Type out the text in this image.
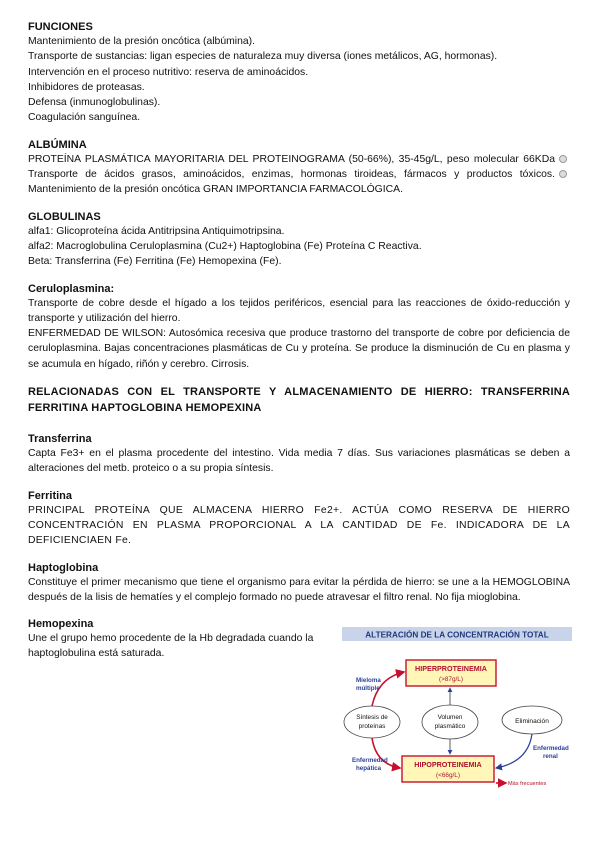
FUNCIONES

Mantenimiento de la presión oncótica (albúmina).

Transporte de sustancias: ligan especies de naturaleza muy diversa (iones metálicos, AG, hormonas).

Intervención en el proceso nutritivo: reserva de aminoácidos.

Inhibidores de proteasas.

Defensa (inmunoglobulinas).

Coagulación sanguínea.

ALBÚMINA

PROTEÍNA PLASMÁTICA MAYORITARIA DEL PROTEINOGRAMA (50-66%), 35-45g/L, peso molecular 66KDaTransporte de ácidos grasos, aminoácidos, enzimas, hormonas tiroideas, fármacos y productos tóxicos.Mantenimiento de la presión oncótica GRAN IMPORTANCIA FARMACOLÓGICA.

GLOBULINAS

alfa1: Glicoproteína ácida Antitripsina Antiquimotripsina.

alfa2: Macroglobulina Ceruloplasmina (Cu2+) Haptoglobina (Fe) Proteína C Reactiva.

Beta: Transferrina (Fe) Ferritina (Fe) Hemopexina (Fe).

Ceruloplasmina:

Transporte de cobre desde el hígado a los tejidos periféricos, esencial para las reacciones de óxido-reducción y transporte y utilización del hierro.

ENFERMEDAD DE WILSON: Autosómica recesiva que produce trastorno del transporte de cobre por deficiencia de ceruloplasmina. Bajas concentraciones plasmáticas de Cu y proteína. Se produce la disminución de Cu en plasma y se acumula en hígado, riñón y cerebro. Cirrosis.

RELACIONADAS CON EL TRANSPORTE Y ALMACENAMIENTO DE HIERRO: TRANSFERRINA FERRITINA HAPTOGLOBINA HEMOPEXINA
Transferrina

Capta Fe3+ en el plasma procedente del intestino. Vida media 7 días. Sus variaciones plasmáticas se deben a alteraciones del metb. proteico o a su propia síntesis.

Ferritina

PRINCIPAL PROTEÍNA QUE ALMACENA HIERRO Fe2+. ACTÚA COMO RESERVA DE HIERRO CONCENTRACIÓN EN PLASMA PROPORCIONAL A LA CANTIDAD DE Fe. INDICADORA DE LA DEFICIENCIAEN Fe.

Haptoglobina

Constituye el primer mecanismo que tiene el organismo para evitar la pérdida de hierro: se une a la HEMOGLOBINA después de la lisis de hematíes y el complejo formado no puede atravesar el filtro renal. No fija mioglobina.

Hemopexina

Une el grupo hemo procedente de la Hb degradada cuando la haptoglobulina está saturada.

ALTERACIÓN DE LA CONCENTRACIÓN TOTAL
HIPERPROTEINEMIA
(>87g/L)
HIPOPROTEINEMIA
(<66g/L)
Síntesis de
proteínas
Volumen
plasmático
Eliminación
Mieloma
múltiple
Enfermedad
hepática
Enfermedad
renal
Más frecuentes
